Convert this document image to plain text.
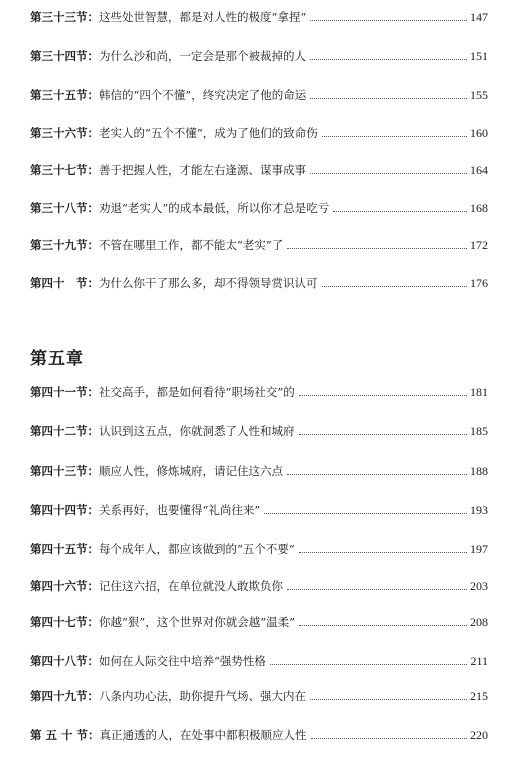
第三十三节： 这些处世智慧，都是对人性的极度“拿捏“	147
第三十四节： 为什么沙和尚，一定会是那个被裁掉的人	151
第三十五节： 韩信的“四个不懂”，终究决定了他的命运	155
第三十六节： 老实人的“五个不懂”，成为了他们的致命伤	160
第三十七节： 善于把握人性，才能左右逢源、谋事成事	164
第三十八节： 劝退“老实人”的成本最低，所以你才总是吃亏	168
第三十九节： 不管在哪里工作，都不能太“老实”了	172
第四十　节： 为什么你干了那么多，却不得领导赏识认可	176
第五章
第四十一节： 社交高手，都是如何看待“职场社交”的	181
第四十二节： 认识到这五点，你就洞悉了人性和城府	185
第四十三节： 顺应人性，修炼城府，请记住这六点	188
第四十四节： 关系再好，也要懂得“礼尚往来”	193
第四十五节： 每个成年人，都应该做到的“五个不要“	197
第四十六节： 记住这六招，在单位就没人敢欺负你	203
第四十七节： 你越“狠”，这个世界对你就会越“温柔”	208
第四十八节： 如何在人际交往中培养“强势性格	211
第四十九节： 八条内功心法，助你提升气场、强大内在	215
第 五 十 节： 真正通透的人，在处事中都积极顺应人性	220
